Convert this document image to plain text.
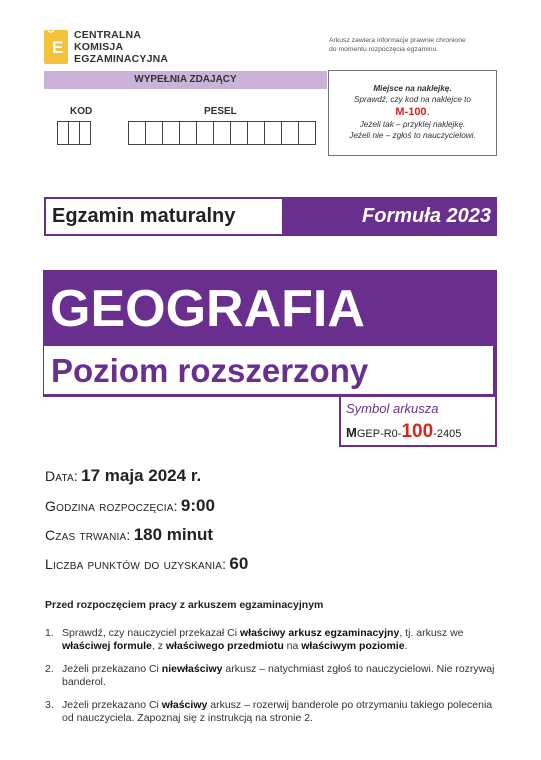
CK
E
CENTRALNA
KOMISJA
EGZAMINACYJNA
Arkusz zawiera informacje prawnie chronione
do momentu rozpoczęcia egzaminu.
WYPEŁNIA ZDAJĄCY
KOD	PESEL
Miejsce na naklejkę.
Sprawdź, czy kod na naklejce to
M-100.
Jeżeli tak – przyklej naklejkę.
Jeżeli nie – zgłoś to nauczycielowi.
Egzamin maturalny	Formuła 2023
GEOGRAFIA
Poziom rozszerzony
Symbol arkusza
MGEP-R0-100-2405
Data: 17 maja 2024 r.
Godzina rozpoczęcia: 9:00
Czas trwania: 180 minut
Liczba punktów do uzyskania: 60
Przed rozpoczęciem pracy z arkuszem egzaminacyjnym
1. Sprawdź, czy nauczyciel przekazał Ci właściwy arkusz egzaminacyjny, tj. arkusz we właściwej formule, z właściwego przedmiotu na właściwym poziomie.
2. Jeżeli przekazano Ci niewłaściwy arkusz – natychmiast zgłoś to nauczycielowi. Nie rozrywaj banderol.
3. Jeżeli przekazano Ci właściwy arkusz – rozerwij banderole po otrzymaniu takiego polecenia od nauczyciela. Zapoznaj się z instrukcją na stronie 2.
